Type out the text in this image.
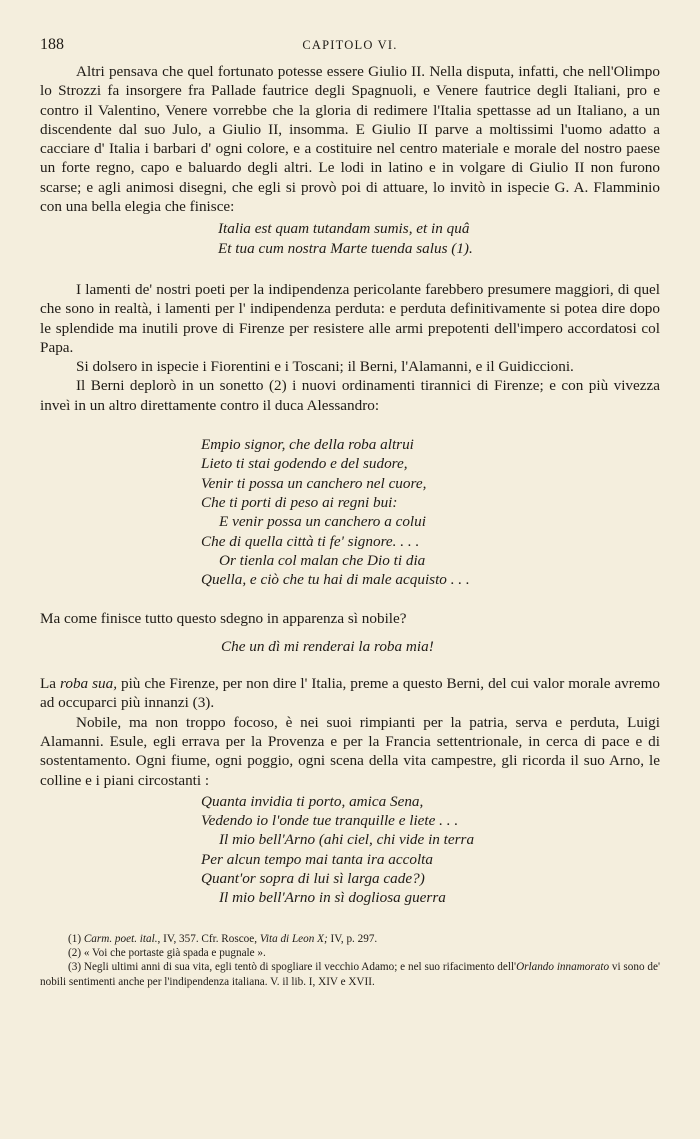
188	CAPITOLO VI.

Altri pensava che quel fortunato potesse essere Giulio II. Nella disputa, infatti, che nell'Olimpo lo Strozzi fa insorgere fra Pallade fautrice degli Spagnuoli, e Venere fautrice degli Italiani, pro e contro il Valentino, Venere vorrebbe che la gloria di redimere l'Italia spettasse ad un Italiano, a un discendente dal suo Julo, a Giulio II, insomma. E Giulio II parve a moltissimi l'uomo adatto a cacciare d' Italia i barbari d' ogni colore, e a costituire nel centro materiale e morale del nostro paese un forte regno, capo e baluardo degli altri. Le lodi in latino e in volgare di Giulio II non furono scarse; e agli animosi disegni, che egli si provò poi di attuare, lo invitò in ispecie G. A. Flamminio con una bella elegia che finisce:

Italia est quam tutandam sumis, et in quâ
Et tua cum nostra Marte tuenda salus (1).

I lamenti de' nostri poeti per la indipendenza pericolante farebbero presumere maggiori, di quel che sono in realtà, i lamenti per l' indipendenza perduta: e perduta definitivamente si potea dire dopo le splendide ma inutili prove di Firenze per resistere alle armi prepotenti dell'impero accordatosi col Papa.

Si dolsero in ispecie i Fiorentini e i Toscani; il Berni, l'Alamanni, e il Guidiccioni.

Il Berni deplorò in un sonetto (2) i nuovi ordinamenti tirannici di Firenze; e con più vivezza inveì in un altro direttamente contro il duca Alessandro:

Empio signor, che della roba altrui
Lieto ti stai godendo e del sudore,
Venir ti possa un canchero nel cuore,
Che ti porti di peso ai regni bui:
E venir possa un canchero a colui
Che di quella città ti fe' signore. . . .
Or tienla col malan che Dio ti dia
Quella, e ciò che tu hai di male acquisto . . .

Ma come finisce tutto questo sdegno in apparenza sì nobile?

Che un dì mi renderai la roba mia!

La roba sua, più che Firenze, per non dire l' Italia, preme a questo Berni, del cui valor morale avremo ad occuparci più innanzi (3).

Nobile, ma non troppo focoso, è nei suoi rimpianti per la patria, serva e perduta, Luigi Alamanni. Esule, egli errava per la Provenza e per la Francia settentrionale, in cerca di pace e di sostentamento. Ogni fiume, ogni poggio, ogni scena della vita campestre, gli ricorda il suo Arno, le colline e i piani circostanti :

Quanta invidia ti porto, amica Sena,
Vedendo io l'onde tue tranquille e liete . . .
Il mio bell'Arno (ahi ciel, chi vide in terra
Per alcun tempo mai tanta ira accolta
Quant'or sopra di lui sì larga cade?)
Il mio bell'Arno in sì dogliosa guerra
(1) Carm. poet. ital., IV, 357. Cfr. Roscoe, Vita di Leon X; IV, p. 297.
(2) « Voi che portaste già spada e pugnale ».
(3) Negli ultimi anni di sua vita, egli tentò di spogliare il vecchio Adamo; e nel suo rifacimento dell'Orlando innamorato vi sono de' nobili sentimenti anche per l'indipendenza italiana. V. il lib. I, XIV e XVII.
